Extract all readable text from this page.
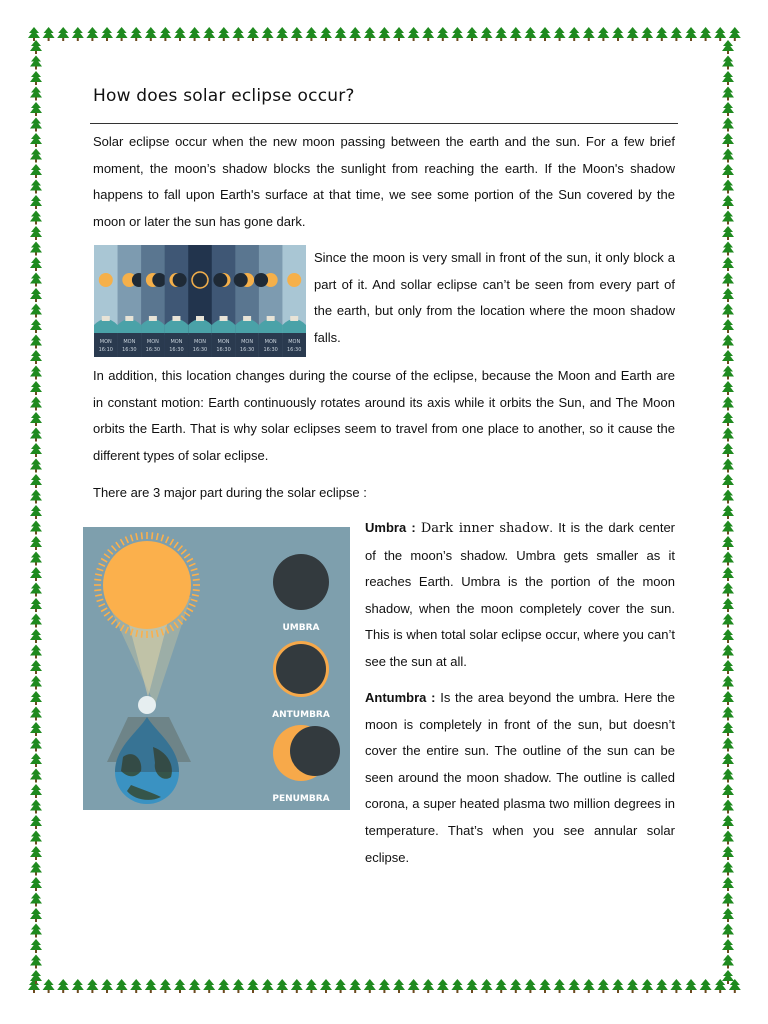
How does solar eclipse occur?

Solar eclipse occur when the new moon passing between the earth and the sun. For a few brief moment, the moon’s shadow blocks the sunlight from reaching the earth. If the Moon's shadow happens to fall upon Earth's surface at that time, we see some portion of the Sun covered by the moon or later the sun has gone dark.

MON
16:10
MON
16:30
MON
16:30
MON
16:30
MON
16:30
MON
16:30
MON
16:30
MON
16:30
MON
16:30

Since the moon is very small in front of the sun, it only block a part of it. And sollar eclipse can’t be seen from every part of the earth, but only from the location where the moon shadow falls.

In addition, this location changes during the course of the eclipse, because the Moon and Earth are in constant motion: Earth continuously rotates around its axis while it orbits the Sun, and The Moon orbits the Earth. That is why solar eclipses seem to travel from one place to another, so it cause the different types of solar eclipse.

There are 3 major part during the solar eclipse :

UMBRA
ANTUMBRA
PENUMBRA

Umbra : Dark inner shadow. It is the dark center of the moon’s shadow. Umbra gets smaller as it reaches Earth. Umbra is the portion of the moon shadow, when the moon completely cover the sun. This is when total solar eclipse occur, where you can’t see the sun at all.

Antumbra : Is the area beyond the umbra. Here the moon is completely in front of the sun, but doesn’t cover the entire sun. The outline of the sun can be seen around the moon shadow. The outline is called corona, a super heated plasma two million degrees in temperature. That’s when you see annular solar eclipse.
